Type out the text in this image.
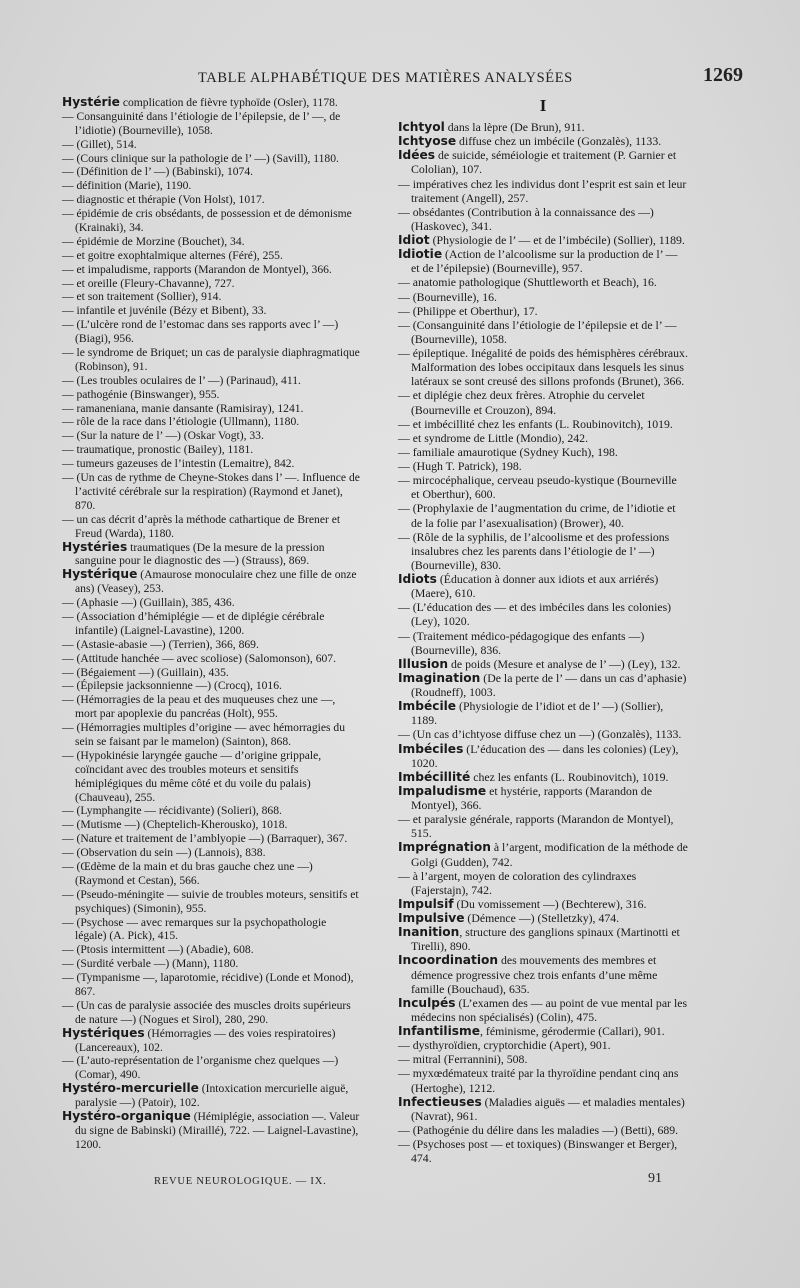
TABLE ALPHABÉTIQUE DES MATIÈRES ANALYSÉES	1269

Hystérie complication de fièvre typhoïde (Osler), 1178.

— Consanguinité dans l’étiologie de l’épilepsie, de l’ —, de l’idiotie) (Bourneville), 1058.

— (Gillet), 514.

— (Cours clinique sur la pathologie de l’ —) (Savill), 1180.

— (Définition de l’ —) (Babinski), 1074.

— définition (Marie), 1190.

— diagnostic et thérapie (Von Holst), 1017.

— épidémie de cris obsédants, de possession et de démonisme (Krainaki), 34.

— épidémie de Morzine (Bouchet), 34.

— et goitre exophtalmique alternes (Féré), 255.

— et impaludisme, rapports (Marandon de Montyel), 366.

— et oreille (Fleury-Chavanne), 727.

— et son traitement (Sollier), 914.

— infantile et juvénile (Bézy et Bibent), 33.

— (L’ulcère rond de l’estomac dans ses rapports avec l’ —) (Biagi), 956.

— le syndrome de Briquet; un cas de paralysie diaphragmatique (Robinson), 91.

— (Les troubles oculaires de l’ —) (Parinaud), 411.

— pathogénie (Binswanger), 955.

— ramaneniana, manie dansante (Ramisiray), 1241.

— rôle de la race dans l’étiologie (Ullmann), 1180.

— (Sur la nature de l’ —) (Oskar Vogt), 33.

— traumatique, pronostic (Bailey), 1181.

— tumeurs gazeuses de l’intestin (Lemaitre), 842.

— (Un cas de rythme de Cheyne-Stokes dans l’ —. Influence de l’activité cérébrale sur la respiration) (Raymond et Janet), 870.

— un cas décrit d’après la méthode cathartique de Brener et Freud (Warda), 1180.

Hystéries traumatiques (De la mesure de la pression sanguine pour le diagnostic des —) (Strauss), 869.

Hystérique (Amaurose monoculaire chez une fille de onze ans) (Veasey), 253.

— (Aphasie —) (Guillain), 385, 436.

— (Association d’hémiplégie — et de diplégie cérébrale infantile) (Laignel-Lavastine), 1200.

— (Astasie-abasie —) (Terrien), 366, 869.

— (Attitude hanchée — avec scoliose) (Salomonson), 607.

— (Bégaiement —) (Guillain), 435.

— (Épilepsie jacksonnienne —) (Crocq), 1016.

— (Hémorragies de la peau et des muqueuses chez une —, mort par apoplexie du pancréas (Holt), 955.

— (Hémorragies multiples d’origine — avec hémorragies du sein se faisant par le mamelon) (Sainton), 868.

— (Hypokinésie laryngée gauche — d’origine grippale, coïncidant avec des troubles moteurs et sensitifs hémiplégiques du même côté et du voile du palais) (Chauveau), 255.

— (Lymphangite — récidivante) (Solieri), 868.

— (Mutisme —) (Cheptelich-Kherousko), 1018.

— (Nature et traitement de l’amblyopie —) (Barraquer), 367.

— (Observation du sein —) (Lannois), 838.

— (Œdème de la main et du bras gauche chez une —) (Raymond et Cestan), 566.

— (Pseudo-méningite — suivie de troubles moteurs, sensitifs et psychiques) (Simonin), 955.

— (Psychose — avec remarques sur la psychopathologie légale) (A. Pick), 415.

— (Ptosis intermittent —) (Abadie), 608.

— (Surdité verbale —) (Mann), 1180.

— (Tympanisme —, laparotomie, récidive) (Londe et Monod), 867.

— (Un cas de paralysie associée des muscles droits supérieurs de nature —) (Nogues et Sirol), 280, 290.

Hystériques (Hémorragies — des voies respiratoires) (Lancereaux), 102.

— (L’auto-représentation de l’organisme chez quelques —) (Comar), 490.

Hystéro-mercurielle (Intoxication mercurielle aiguë, paralysie —) (Patoir), 102.

Hystéro-organique (Hémiplégie, association —. Valeur du signe de Babinski) (Miraillé), 722. — Laignel-Lavastine), 1200.

I

Ichtyol dans la lèpre (De Brun), 911.

Ichtyose diffuse chez un imbécile (Gonzalès), 1133.

Idées de suicide, séméiologie et traitement (P. Garnier et Cololian), 107.

— impératives chez les individus dont l’esprit est sain et leur traitement (Angell), 257.

— obsédantes (Contribution à la connaissance des —) (Haskovec), 341.

Idiot (Physiologie de l’ — et de l’imbécile) (Sollier), 1189.

Idiotie (Action de l’alcoolisme sur la production de l’ — et de l’épilepsie) (Bourneville), 957.

— anatomie pathologique (Shuttleworth et Beach), 16.

— (Bourneville), 16.

— (Philippe et Oberthur), 17.

— (Consanguinité dans l’étiologie de l’épilepsie et de l’ — (Bourneville), 1058.

— épileptique. Inégalité de poids des hémisphères cérébraux. Malformation des lobes occipitaux dans lesquels les sinus latéraux se sont creusé des sillons profonds (Brunet), 366.

— et diplégie chez deux frères. Atrophie du cervelet (Bourneville et Crouzon), 894.

— et imbécillité chez les enfants (L. Roubinovitch), 1019.

— et syndrome de Little (Mondio), 242.

— familiale amaurotique (Sydney Kuch), 198.

— (Hugh T. Patrick), 198.

— mircocéphalique, cerveau pseudo-kystique (Bourneville et Oberthur), 600.

— (Prophylaxie de l’augmentation du crime, de l’idiotie et de la folie par l’asexualisation) (Brower), 40.

— (Rôle de la syphilis, de l’alcoolisme et des professions insalubres chez les parents dans l’étiologie de l’ —) (Bourneville), 830.

Idiots (Éducation à donner aux idiots et aux arriérés) (Maere), 610.

— (L’éducation des — et des imbéciles dans les colonies) (Ley), 1020.

— (Traitement médico-pédagogique des enfants —) (Bourneville), 836.

Illusion de poids (Mesure et analyse de l’ —) (Ley), 132.

Imagination (De la perte de l’ — dans un cas d’aphasie) (Roudneff), 1003.

Imbécile (Physiologie de l’idiot et de l’ —) (Sollier), 1189.

— (Un cas d’ichtyose diffuse chez un —) (Gonzalès), 1133.

Imbéciles (L’éducation des — dans les colonies) (Ley), 1020.

Imbécillité chez les enfants (L. Roubinovitch), 1019.

Impaludisme et hystérie, rapports (Marandon de Montyel), 366.

— et paralysie générale, rapports (Marandon de Montyel), 515.

Imprégnation à l’argent, modification de la méthode de Golgi (Gudden), 742.

— à l’argent, moyen de coloration des cylindraxes (Fajerstajn), 742.

Impulsif (Du vomissement —) (Bechterew), 316.

Impulsive (Démence —) (Stelletzky), 474.

Inanition, structure des ganglions spinaux (Martinotti et Tirelli), 890.

Incoordination des mouvements des membres et démence progressive chez trois enfants d’une même famille (Bouchaud), 635.

Inculpés (L’examen des — au point de vue mental par les médecins non spécialisés) (Colin), 475.

Infantilisme, féminisme, gérodermie (Callari), 901.

— dysthyroïdien, cryptorchidie (Apert), 901.

— mitral (Ferrannini), 508.

— myxœdémateux traité par la thyroïdine pendant cinq ans (Hertoghe), 1212.

Infectieuses (Maladies aiguës — et maladies mentales) (Navrat), 961.

— (Pathogénie du délire dans les maladies —) (Betti), 689.

— (Psychoses post — et toxiques) (Binswanger et Berger), 474.

REVUE NEUROLOGIQUE. — IX.	91
